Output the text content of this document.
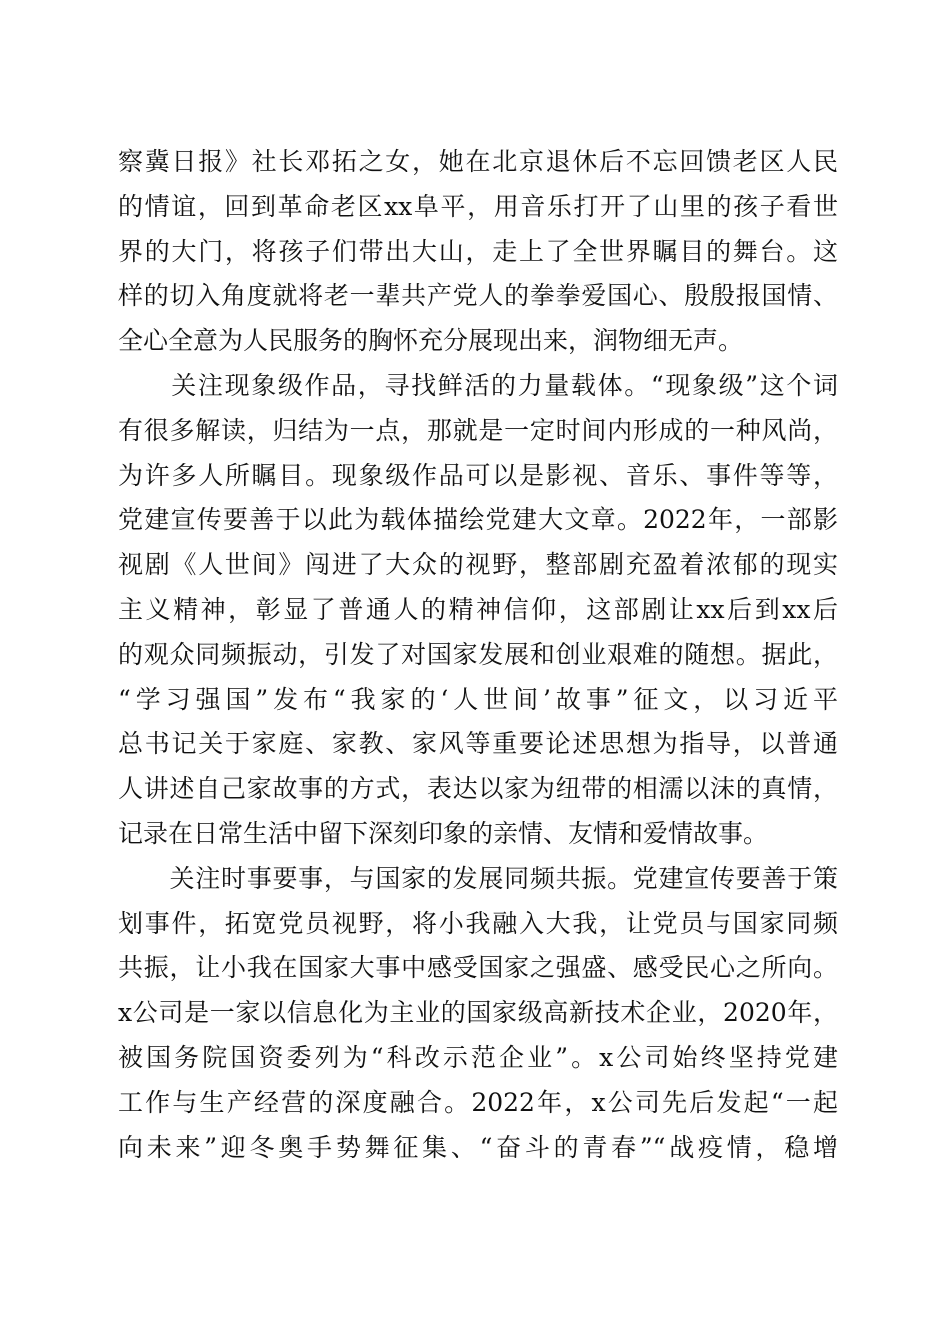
察冀日报》社长邓拓之女，她在北京退休后不忘回馈老区人民
的情谊，回到革命老区xx阜平，用音乐打开了山里的孩子看世
界的大门，将孩子们带出大山，走上了全世界瞩目的舞台。这
样的切入角度就将老一辈共产党人的拳拳爱国心、殷殷报国情、
全心全意为人民服务的胸怀充分展现出来，润物细无声。
　　关注现象级作品，寻找鲜活的力量载体。“现象级”这个词
有很多解读，归结为一点，那就是一定时间内形成的一种风尚，
为许多人所瞩目。现象级作品可以是影视、音乐、事件等等，
党建宣传要善于以此为载体描绘党建大文章。2022年，一部影
视剧《人世间》闯进了大众的视野，整部剧充盈着浓郁的现实
主义精神，彰显了普通人的精神信仰，这部剧让xx后到xx后
的观众同频振动，引发了对国家发展和创业艰难的随想。据此，
“学习强国”发布“我家的‘人世间’故事”征文，以习近平
总书记关于家庭、家教、家风等重要论述思想为指导，以普通
人讲述自己家故事的方式，表达以家为纽带的相濡以沫的真情，
记录在日常生活中留下深刻印象的亲情、友情和爱情故事。
　　关注时事要事，与国家的发展同频共振。党建宣传要善于策
划事件，拓宽党员视野，将小我融入大我，让党员与国家同频
共振，让小我在国家大事中感受国家之强盛、感受民心之所向。
x公司是一家以信息化为主业的国家级高新技术企业，2020年，
被国务院国资委列为“科改示范企业”。x公司始终坚持党建
工作与生产经营的深度融合。2022年，x公司先后发起“一起
向未来”迎冬奥手势舞征集、“奋斗的青春”“战疫情，稳增
